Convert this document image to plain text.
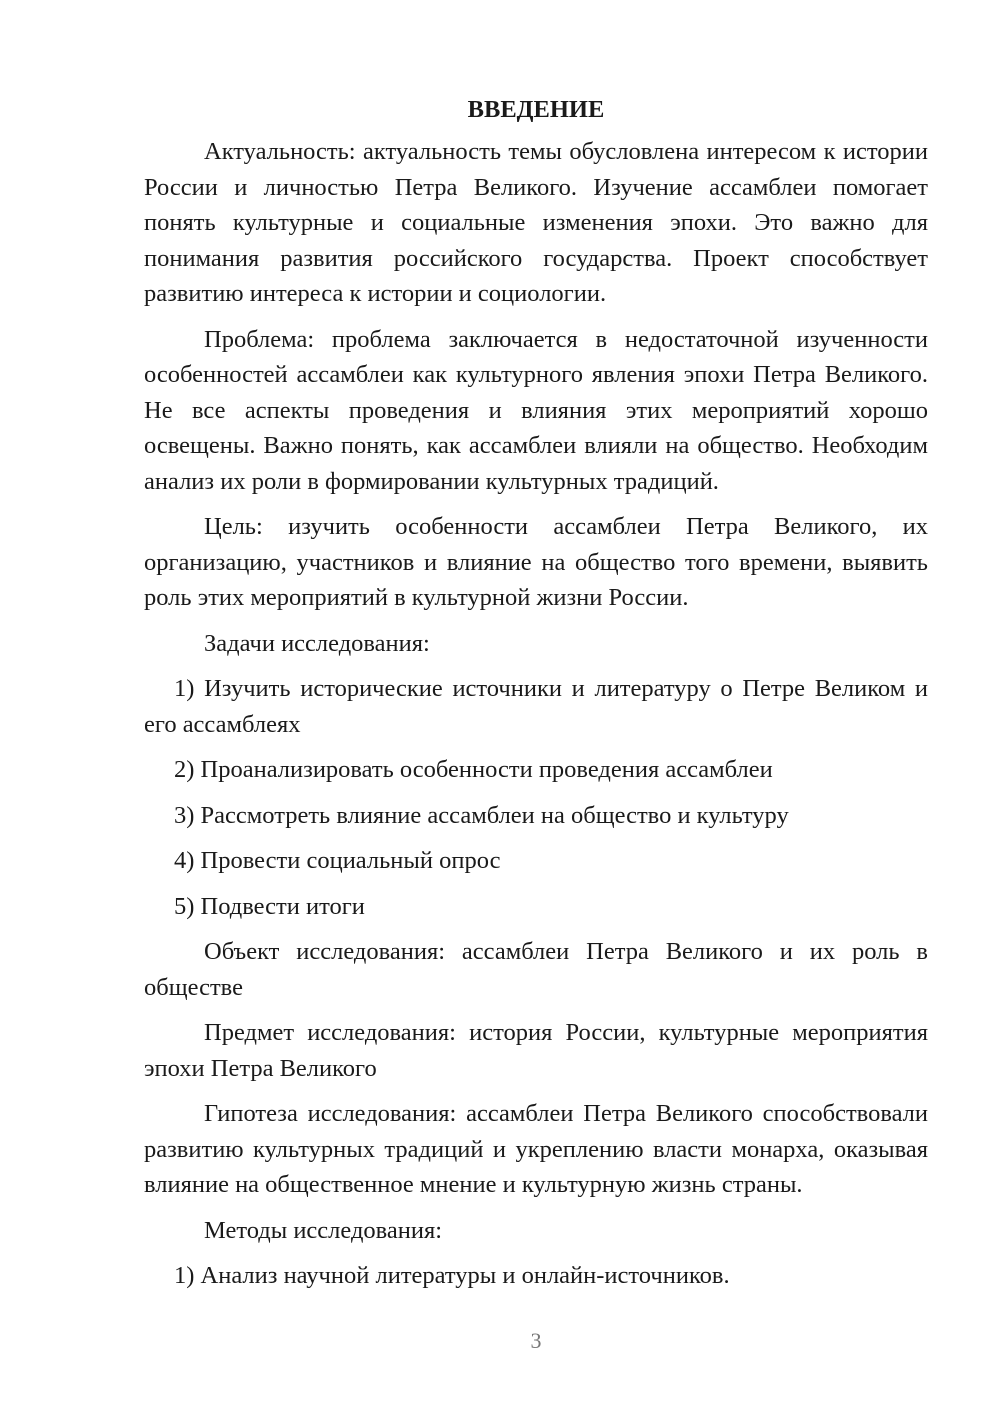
ВВЕДЕНИЕ

Актуальность: актуальность темы обусловлена интересом к истории России и личностью Петра Великого. Изучение ассамблеи помогает понять культурные и социальные изменения эпохи. Это важно для понимания развития российского государства. Проект способствует развитию интереса к истории и социологии.

Проблема: проблема заключается в недостаточной изученности особенностей ассамблеи как культурного явления эпохи Петра Великого. Не все аспекты проведения и влияния этих мероприятий хорошо освещены. Важно понять, как ассамблеи влияли на общество. Необходим анализ их роли в формировании культурных традиций.

Цель: изучить особенности ассамблеи Петра Великого, их организацию, участников и влияние на общество того времени, выявить роль этих мероприятий в культурной жизни России.

Задачи исследования:

1) Изучить исторические источники и литературу о Петре Великом и его ассамблеях

2) Проанализировать особенности проведения ассамблеи

3) Рассмотреть влияние ассамблеи на общество и культуру

4) Провести социальный опрос

5) Подвести итоги

Объект исследования: ассамблеи Петра Великого и их роль в обществе

Предмет исследования: история России, культурные мероприятия эпохи Петра Великого

Гипотеза исследования: ассамблеи Петра Великого способствовали развитию культурных традиций и укреплению власти монарха, оказывая влияние на общественное мнение и культурную жизнь страны.

Методы исследования:

1) Анализ научной литературы и онлайн-источников.

3
